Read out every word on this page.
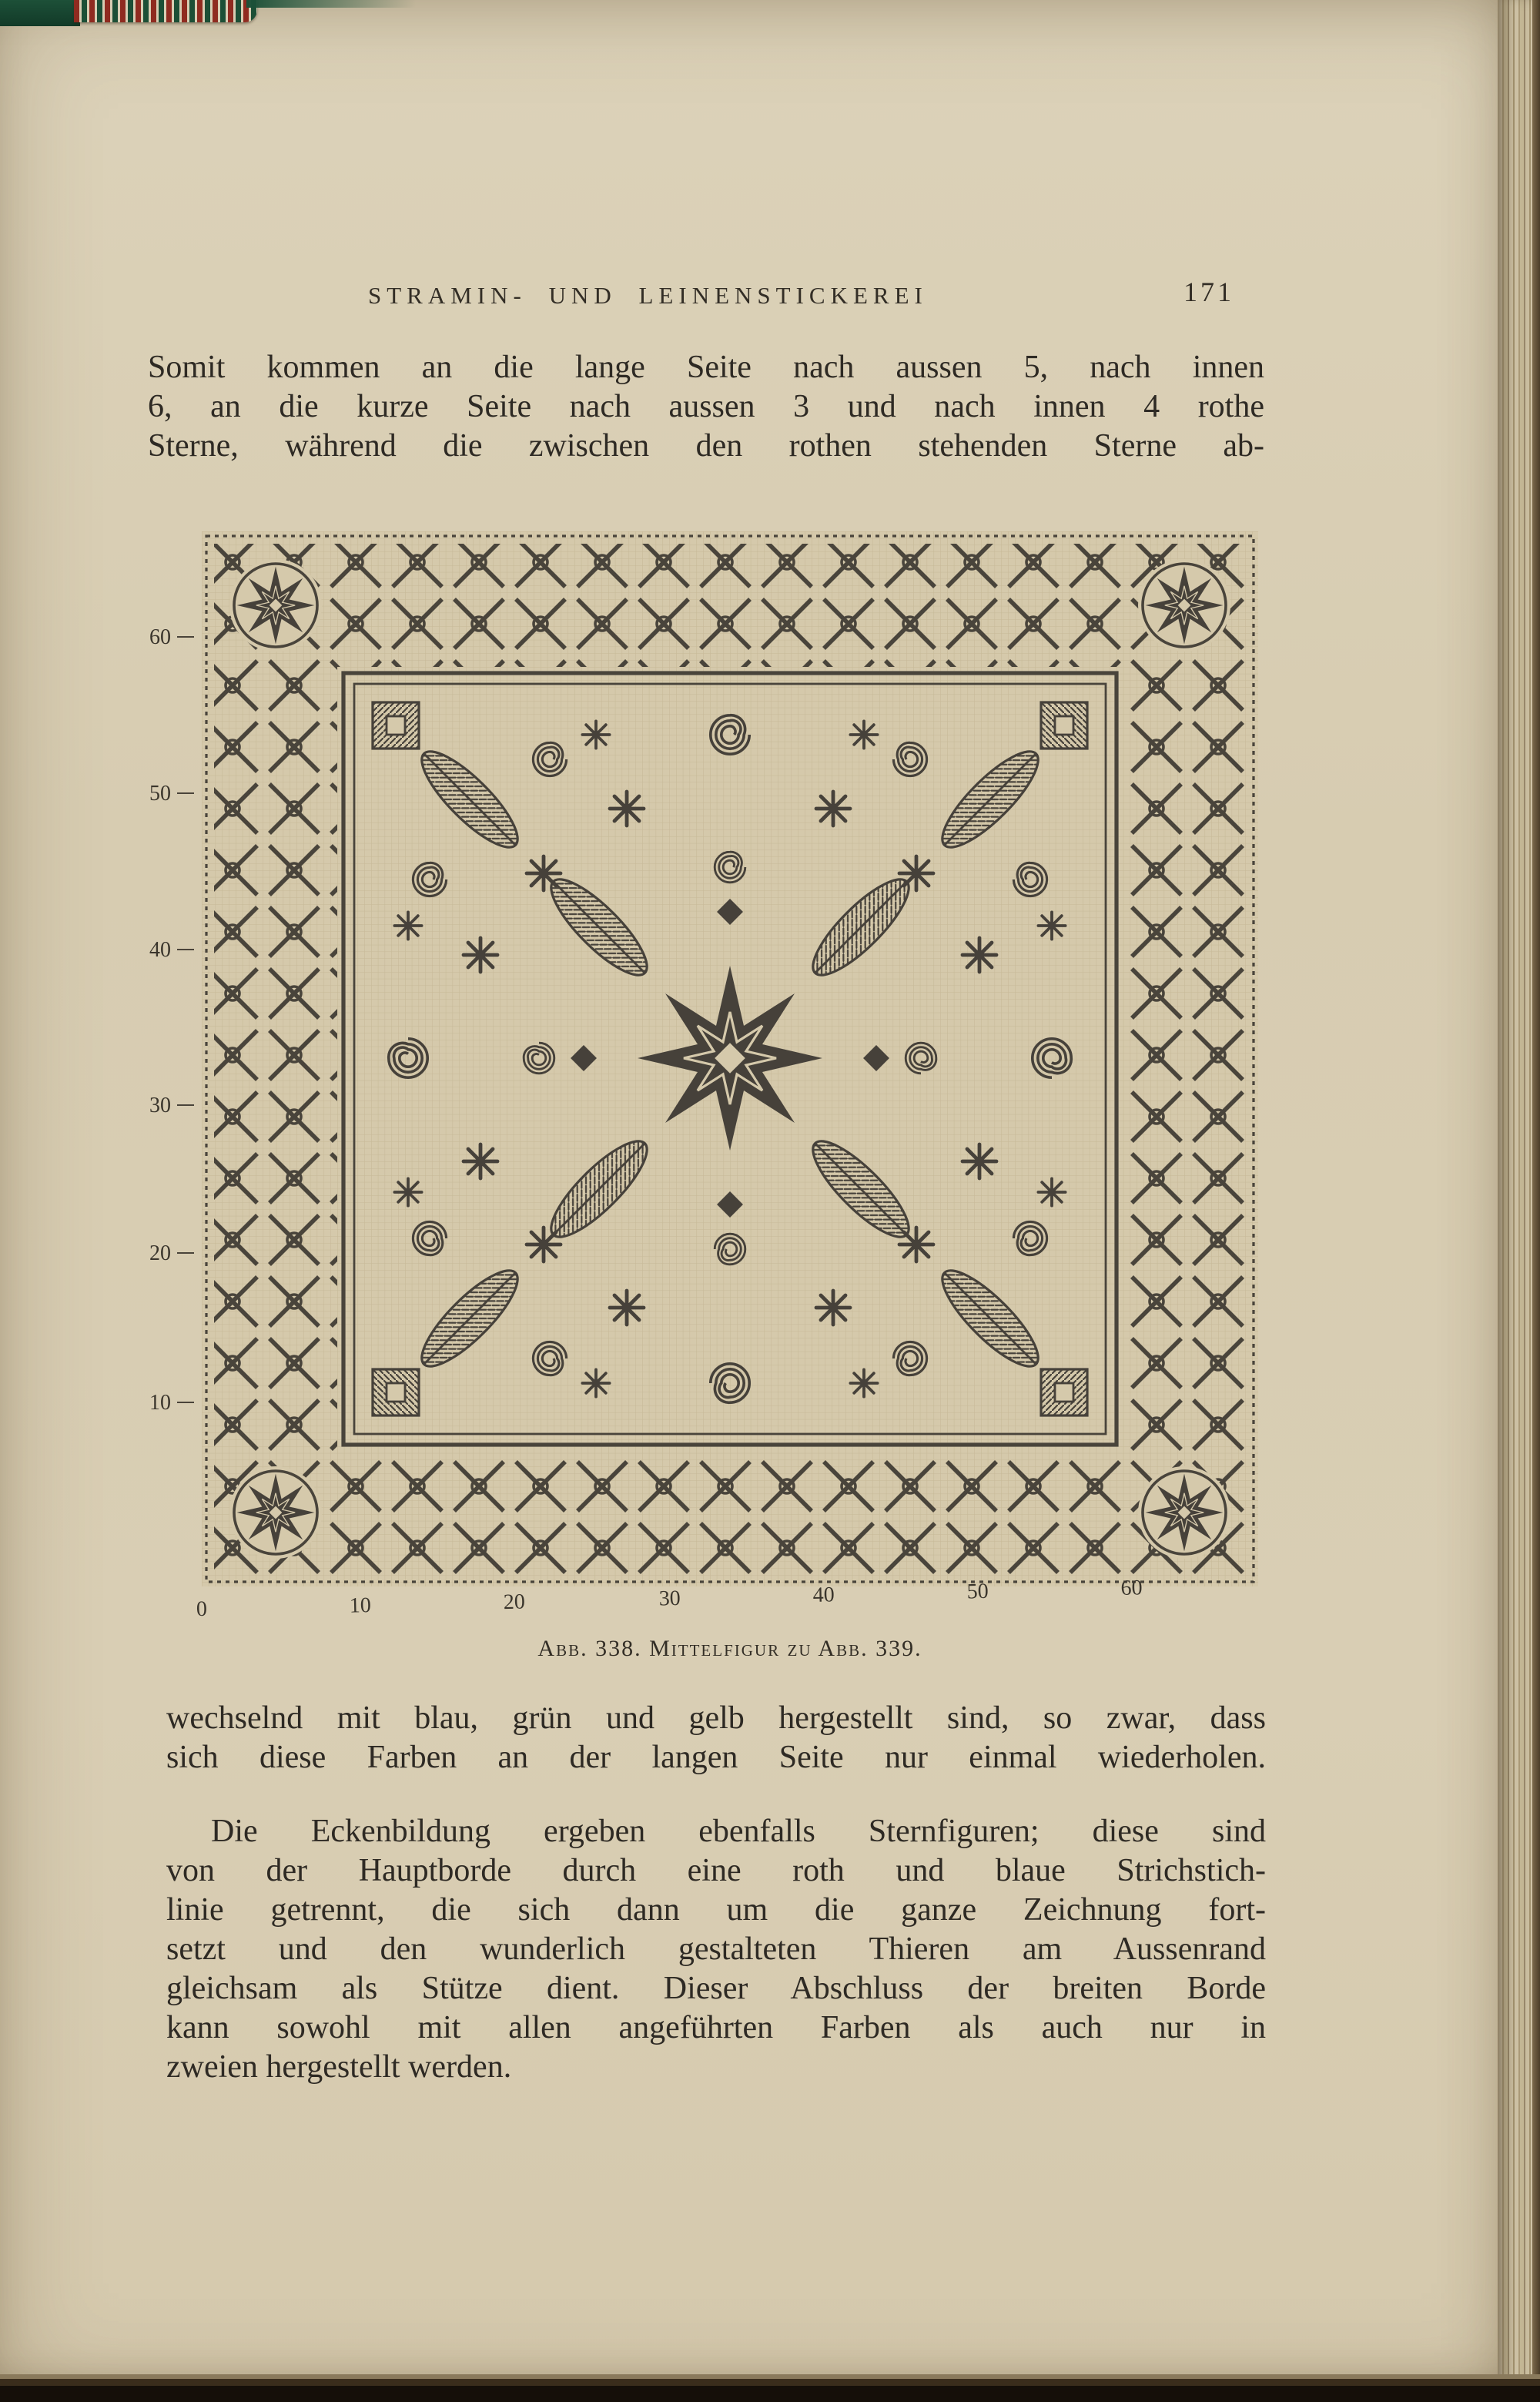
STRAMIN- UND LEINENSTICKEREI	171
Somit kommen an die lange Seite nach aussen 5, nach innen
6, an die kurze Seite nach aussen 3 und nach innen 4 rothe
Sterne, während die zwischen den rothen stehenden Sterne ab-
60
50
40
30
20
10
0	10	20	30	40	50	60
Abb. 338. Mittelfigur zu Abb. 339.
wechselnd mit blau, grün und gelb hergestellt sind, so zwar, dass
sich diese Farben an der langen Seite nur einmal wiederholen.
Die Eckenbildung ergeben ebenfalls Sternfiguren; diese sind
von der Hauptborde durch eine roth und blaue Strichstich-
linie getrennt, die sich dann um die ganze Zeichnung fort-
setzt und den wunderlich gestalteten Thieren am Aussenrand
gleichsam als Stütze dient. Dieser Abschluss der breiten Borde
kann sowohl mit allen angeführten Farben als auch nur in
zweien hergestellt werden.
